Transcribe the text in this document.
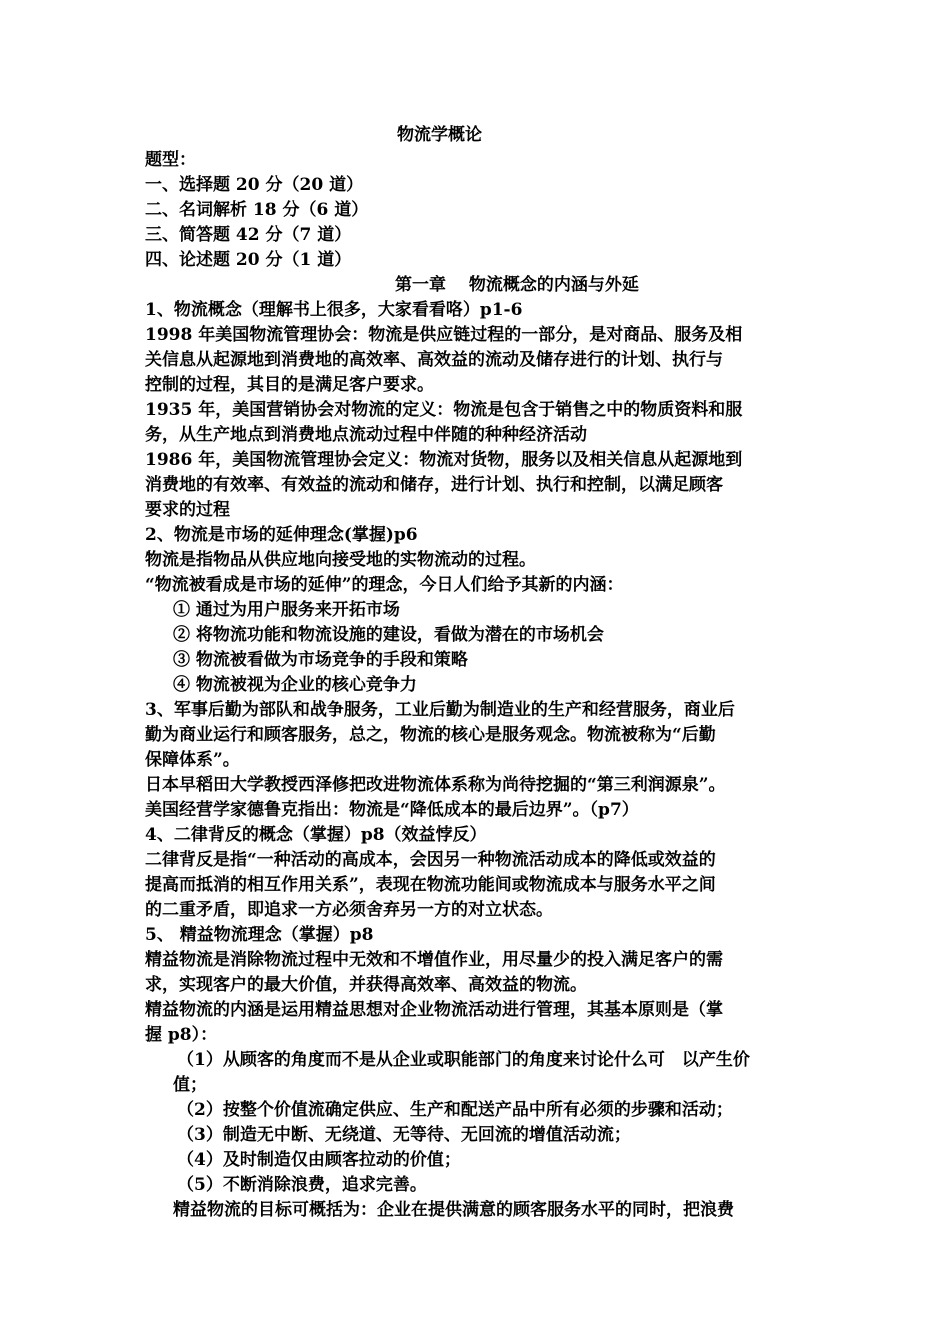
物流学概论
题型：
一、选择题 20 分（20 道）
二、名词解析 18 分（6 道）
三、简答题 42 分（7 道）
四、论述题 20 分（1 道）
第一章　 物流概念的内涵与外延
1、物流概念（理解书上很多，大家看看咯）p1-6
1998 年美国物流管理协会：物流是供应链过程的一部分，是对商品、服务及相
关信息从起源地到消费地的高效率、高效益的流动及储存进行的计划、执行与
控制的过程，其目的是满足客户要求。
1935 年，美国营销协会对物流的定义：物流是包含于销售之中的物质资料和服
务，从生产地点到消费地点流动过程中伴随的种种经济活动
1986 年，美国物流管理协会定义：物流对货物，服务以及相关信息从起源地到
消费地的有效率、有效益的流动和储存，进行计划、执行和控制，以满足顾客
要求的过程
2、物流是市场的延伸理念(掌握)p6
物流是指物品从供应地向接受地的实物流动的过程。
“物流被看成是市场的延伸”的理念，今日人们给予其新的内涵：
① 通过为用户服务来开拓市场
② 将物流功能和物流设施的建设，看做为潜在的市场机会
③ 物流被看做为市场竞争的手段和策略
④ 物流被视为企业的核心竞争力
3、军事后勤为部队和战争服务，工业后勤为制造业的生产和经营服务，商业后
勤为商业运行和顾客服务，总之，物流的核心是服务观念。物流被称为“后勤
保障体系”。
日本早稻田大学教授西泽修把改进物流体系称为尚待挖掘的“第三利润源泉”。
美国经营学家德鲁克指出：物流是“降低成本的最后边界”。（p7）
4、二律背反的概念（掌握）p8（效益悖反）
二律背反是指“一种活动的高成本，会因另一种物流活动成本的降低或效益的
提高而抵消的相互作用关系”，表现在物流功能间或物流成本与服务水平之间
的二重矛盾，即追求一方必须舍弃另一方的对立状态。
5、 精益物流理念（掌握）p8
精益物流是消除物流过程中无效和不增值作业，用尽量少的投入满足客户的需
求，实现客户的最大价值，并获得高效率、高效益的物流。
精益物流的内涵是运用精益思想对企业物流活动进行管理，其基本原则是（掌
握 p8）：
（1）从顾客的角度而不是从企业或职能部门的角度来讨论什么可　以产生价
值；
（2）按整个价值流确定供应、生产和配送产品中所有必须的步骤和活动；
（3）制造无中断、无绕道、无等待、无回流的增值活动流；
（4）及时制造仅由顾客拉动的价值；
（5）不断消除浪费，追求完善。
精益物流的目标可概括为：企业在提供满意的顾客服务水平的同时，把浪费
